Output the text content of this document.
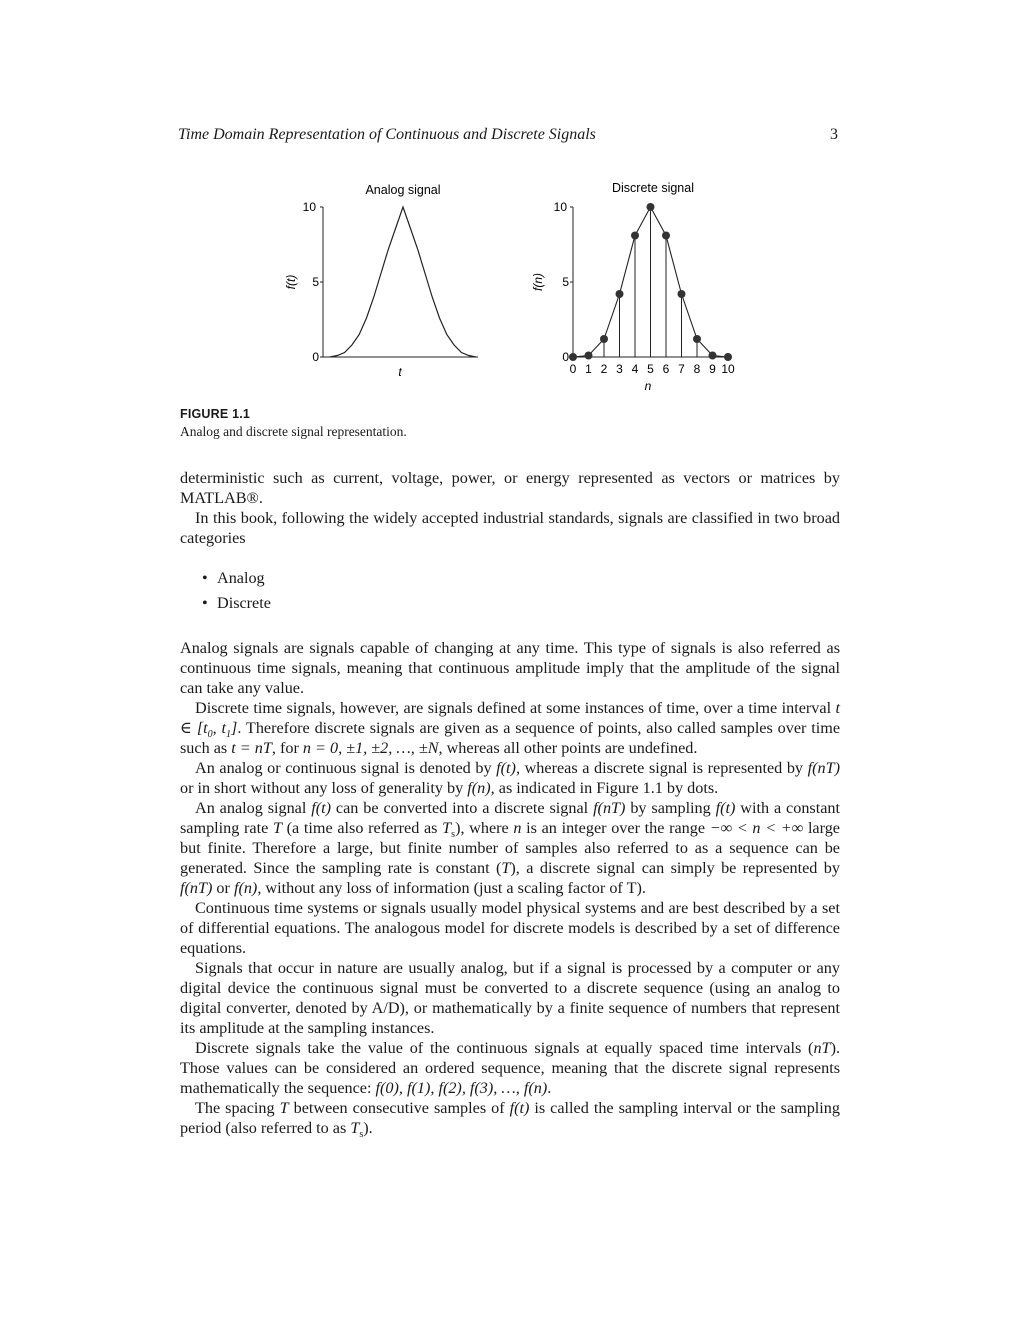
Time Domain Representation of Continuous and Discrete Signals	3
Analog signal
10
5
0
f(t)
t
Discrete signal
10
5
0
f(n)
n
0 1 2 3 4 5 6 7 8 9 10
FIGURE 1.1
Analog and discrete signal representation.

deterministic such as current, voltage, power, or energy represented as vectors or matrices by MATLAB®.

In this book, following the widely accepted industrial standards, signals are classified in two broad categories

• Analog
• Discrete

Analog signals are signals capable of changing at any time. This type of signals is also referred as continuous time signals, meaning that continuous amplitude imply that the amplitude of the signal can take any value.

Discrete time signals, however, are signals defined at some instances of time, over a time interval t ∈ [$t_0$, $t_1$]. Therefore discrete signals are given as a sequence of points, also called samples over time such as t = nT, for n = 0, ±1, ±2, …, ±N, whereas all other points are undefined.

An analog or continuous signal is denoted by f(t), whereas a discrete signal is represented by f(nT) or in short without any loss of generality by f(n), as indicated in Figure 1.1 by dots.

An analog signal f(t) can be converted into a discrete signal f(nT) by sampling f(t) with a constant sampling rate T (a time also referred as $T_s$), where n is an integer over the range −∞ < n < +∞ large but finite. Therefore a large, but finite number of samples also referred to as a sequence can be generated. Since the sampling rate is constant (T), a discrete signal can simply be represented by f(nT) or f(n), without any loss of information (just a scaling factor of T).

Continuous time systems or signals usually model physical systems and are best described by a set of differential equations. The analogous model for discrete models is described by a set of difference equations.

Signals that occur in nature are usually analog, but if a signal is processed by a computer or any digital device the continuous signal must be converted to a discrete sequence (using an analog to digital converter, denoted by A/D), or mathematically by a finite sequence of numbers that represent its amplitude at the sampling instances.

Discrete signals take the value of the continuous signals at equally spaced time intervals (nT). Those values can be considered an ordered sequence, meaning that the discrete signal represents mathematically the sequence: f(0), f(1), f(2), f(3), …, f(n).

The spacing T between consecutive samples of f(t) is called the sampling interval or the sampling period (also referred to as $T_s$).
